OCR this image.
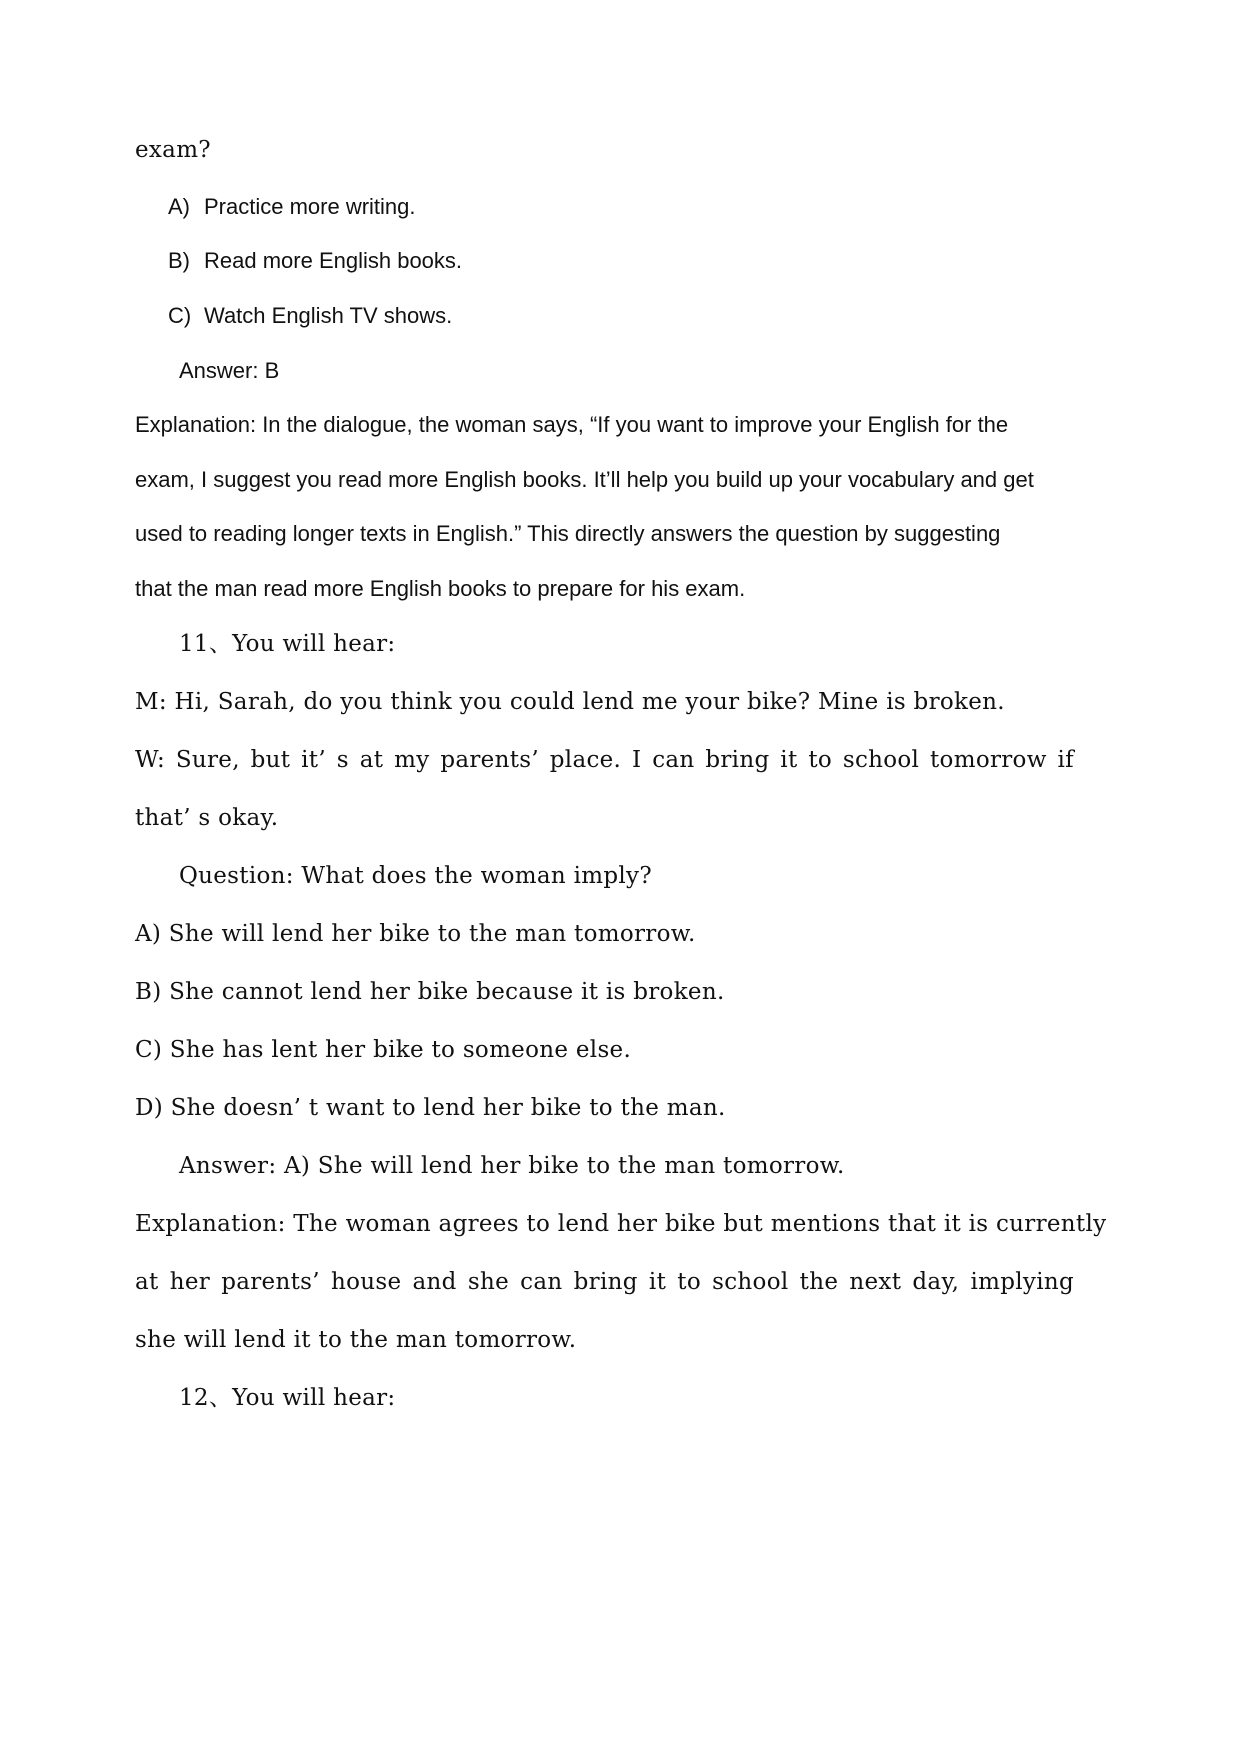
exam?
A) Practice more writing.
B) Read more English books.
C) Watch English TV shows.
Answer: B
Explanation: In the dialogue, the woman says, “If you want to improve your English for the
exam, I suggest you read more English books. It’ll help you build up your vocabulary and get
used to reading longer texts in English.” This directly answers the question by suggesting
that the man read more English books to prepare for his exam.
11、You will hear:
M: Hi, Sarah, do you think you could lend me your bike? Mine is broken.
W: Sure, but it’ s at my parents’ place. I can bring it to school tomorrow if
that’ s okay.
Question: What does the woman imply?
A) She will lend her bike to the man tomorrow.
B) She cannot lend her bike because it is broken.
C) She has lent her bike to someone else.
D) She doesn’ t want to lend her bike to the man.
Answer: A) She will lend her bike to the man tomorrow.
Explanation: The woman agrees to lend her bike but mentions that it is currently
at her parents’ house and she can bring it to school the next day, implying
she will lend it to the man tomorrow.
12、You will hear:
